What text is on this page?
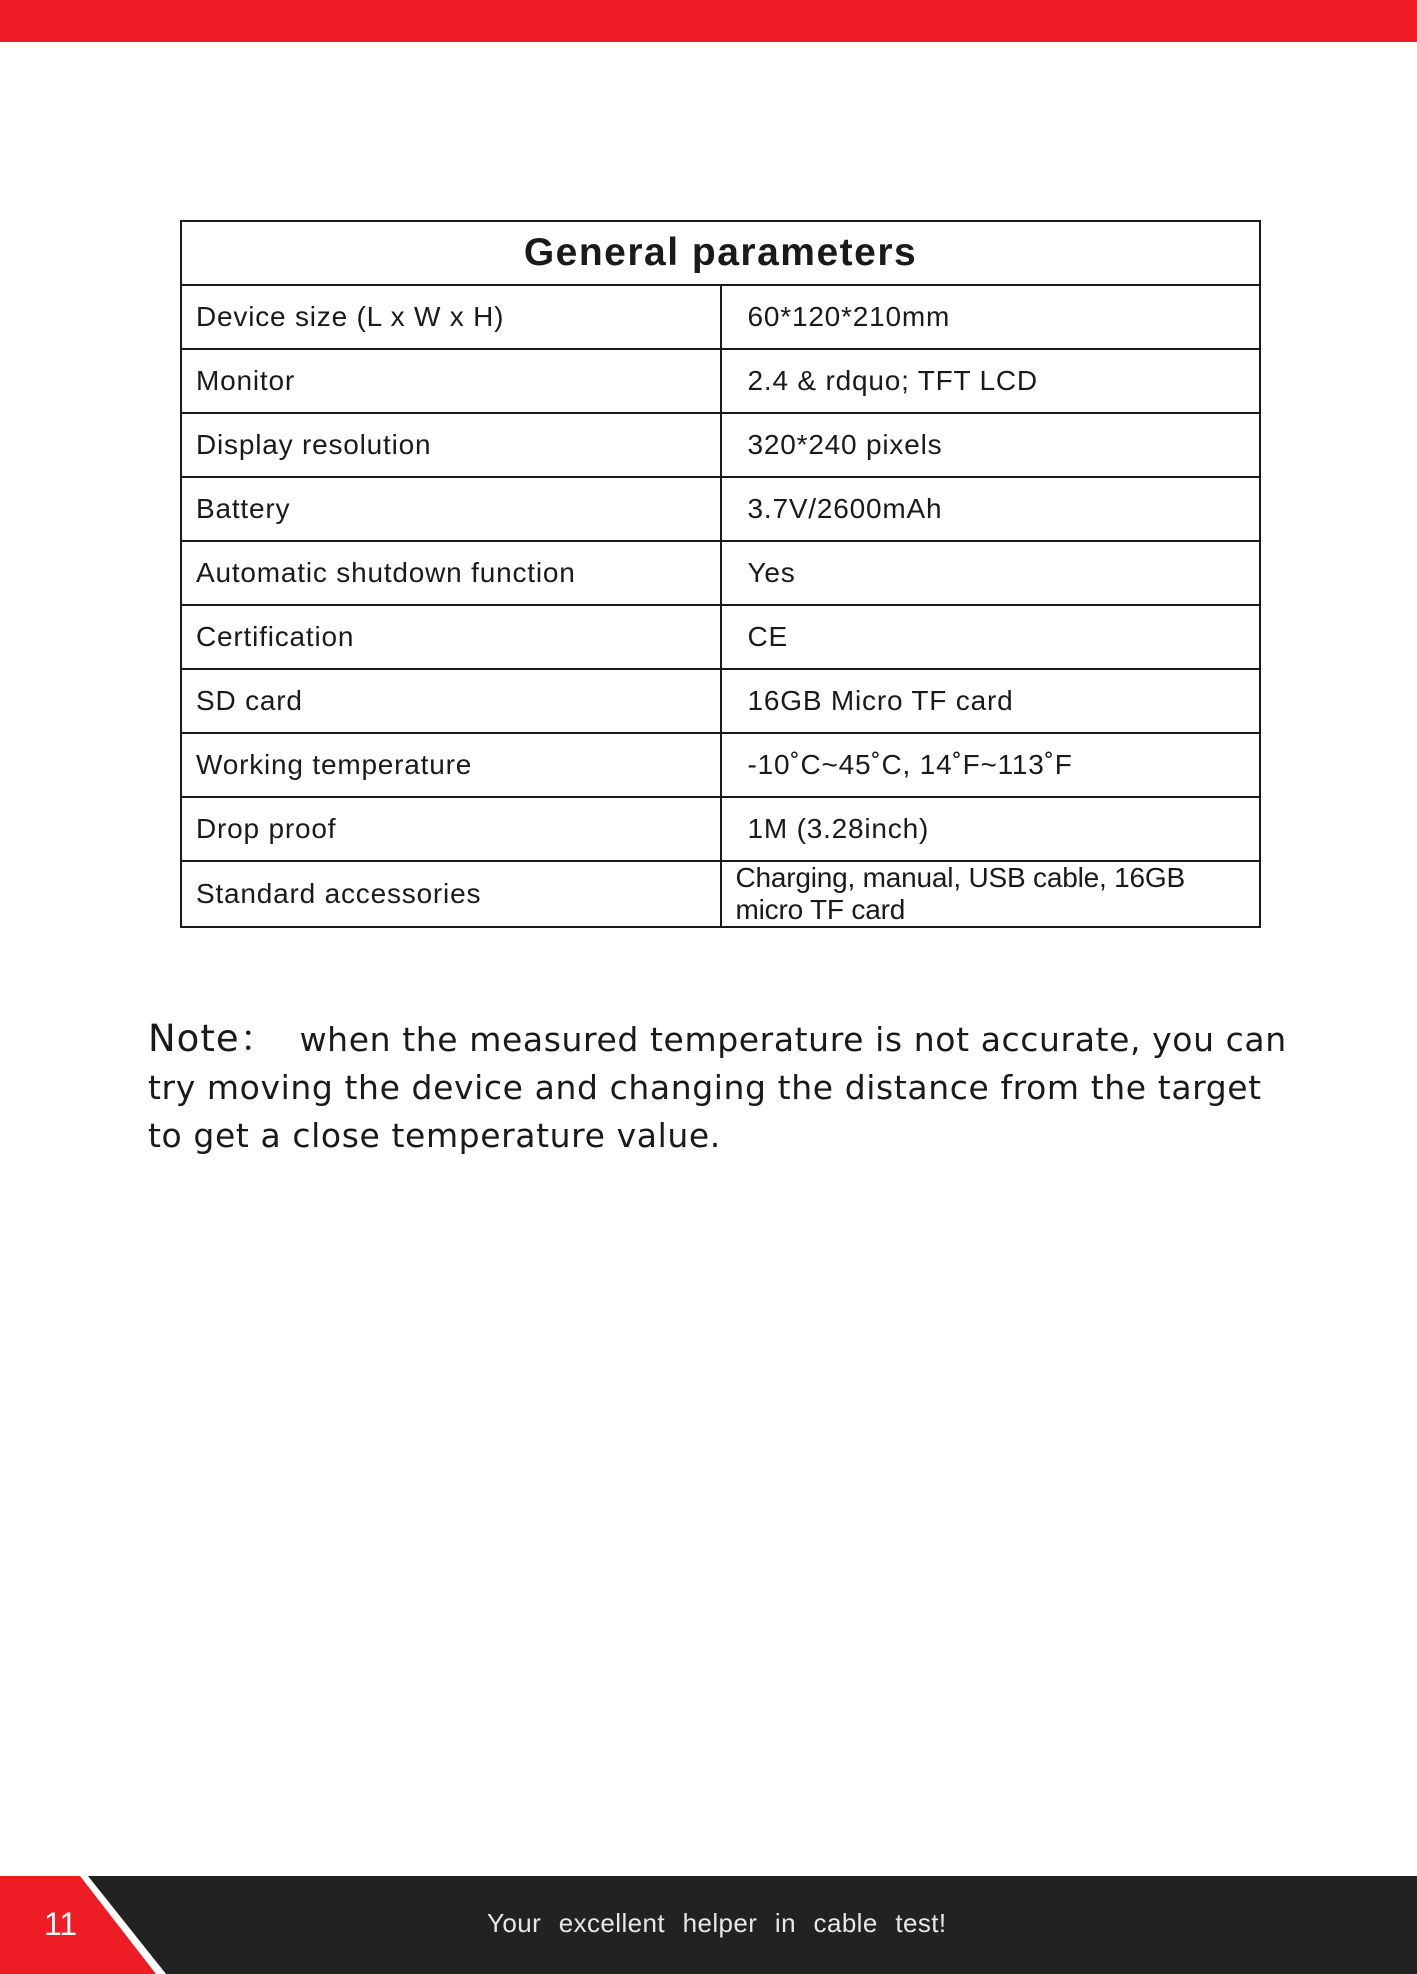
General parameters	
Device size (L x W x H)	60*120*210mm
Monitor	2.4 & rdquo; TFT LCD
Display resolution	320*240 pixels
Battery	3.7V/2600mAh
Automatic shutdown function	Yes
Certification	CE
SD card	16GB Micro TF card
Working temperature	-10˚C~45˚C, 14˚F~113˚F
Drop proof	1M (3.28inch)
Standard accessories	Charging, manual, USB cable, 16GB micro TF card
Note： when the measured temperature is not accurate, you can try moving the device and changing the distance from the target to get a close temperature value.
11	Your excellent helper in cable test!
